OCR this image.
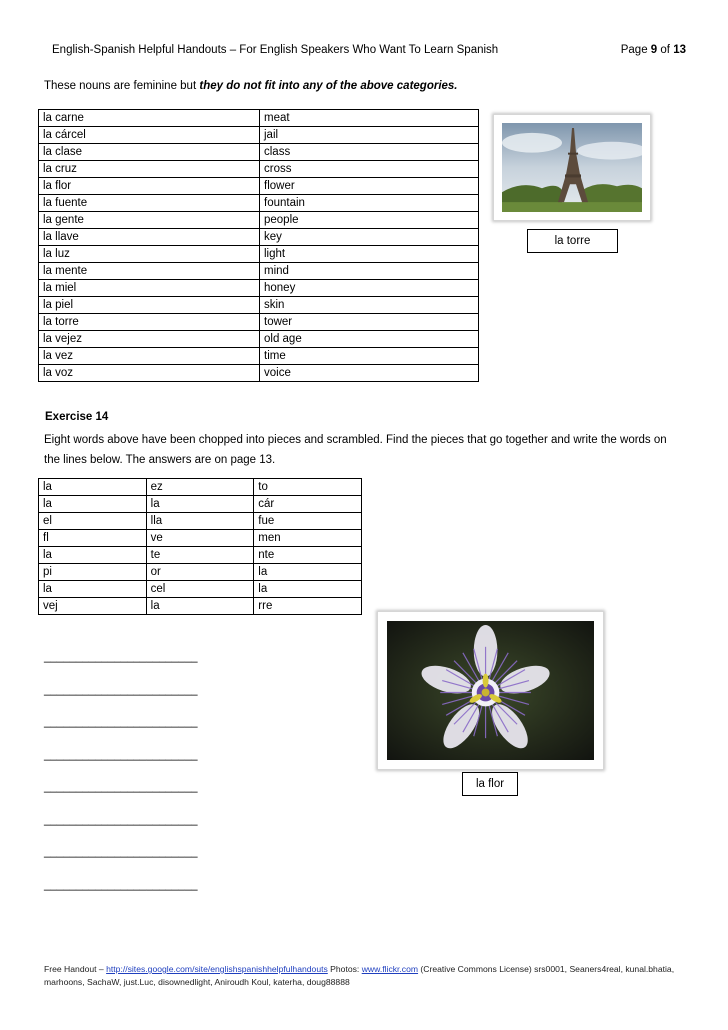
English-Spanish Helpful Handouts – For English Speakers Who Want To Learn Spanish	Page 9 of 13
These nouns are feminine but they do not fit into any of the above categories.
la carne	meat
la cárcel	jail
la clase	class
la cruz	cross
la flor	flower
la fuente	fountain
la gente	people
la llave	key
la luz	light
la mente	mind
la miel	honey
la piel	skin
la torre	tower
la vejez	old age
la vez	time
la voz	voice
la torre
Exercise 14
Eight words above have been chopped into pieces and scrambled. Find the pieces that go together and write the words on the lines below. The answers are on page 13.
la	ez	to
la	la	cár
el	lla	fue
fl	ve	men
la	te	nte
pi	or	la
la	cel	la
vej	la	rre
________________________
________________________
________________________
________________________
________________________
________________________
________________________
________________________
la flor
Free Handout – http://sites.google.com/site/englishspanishhelpfulhandouts Photos: www.flickr.com (Creative Commons License) srs0001, Seaners4real, kunal.bhatia, marhoons, SachaW, just.Luc, disownedlight, Aniroudh Koul, katerha, doug88888
